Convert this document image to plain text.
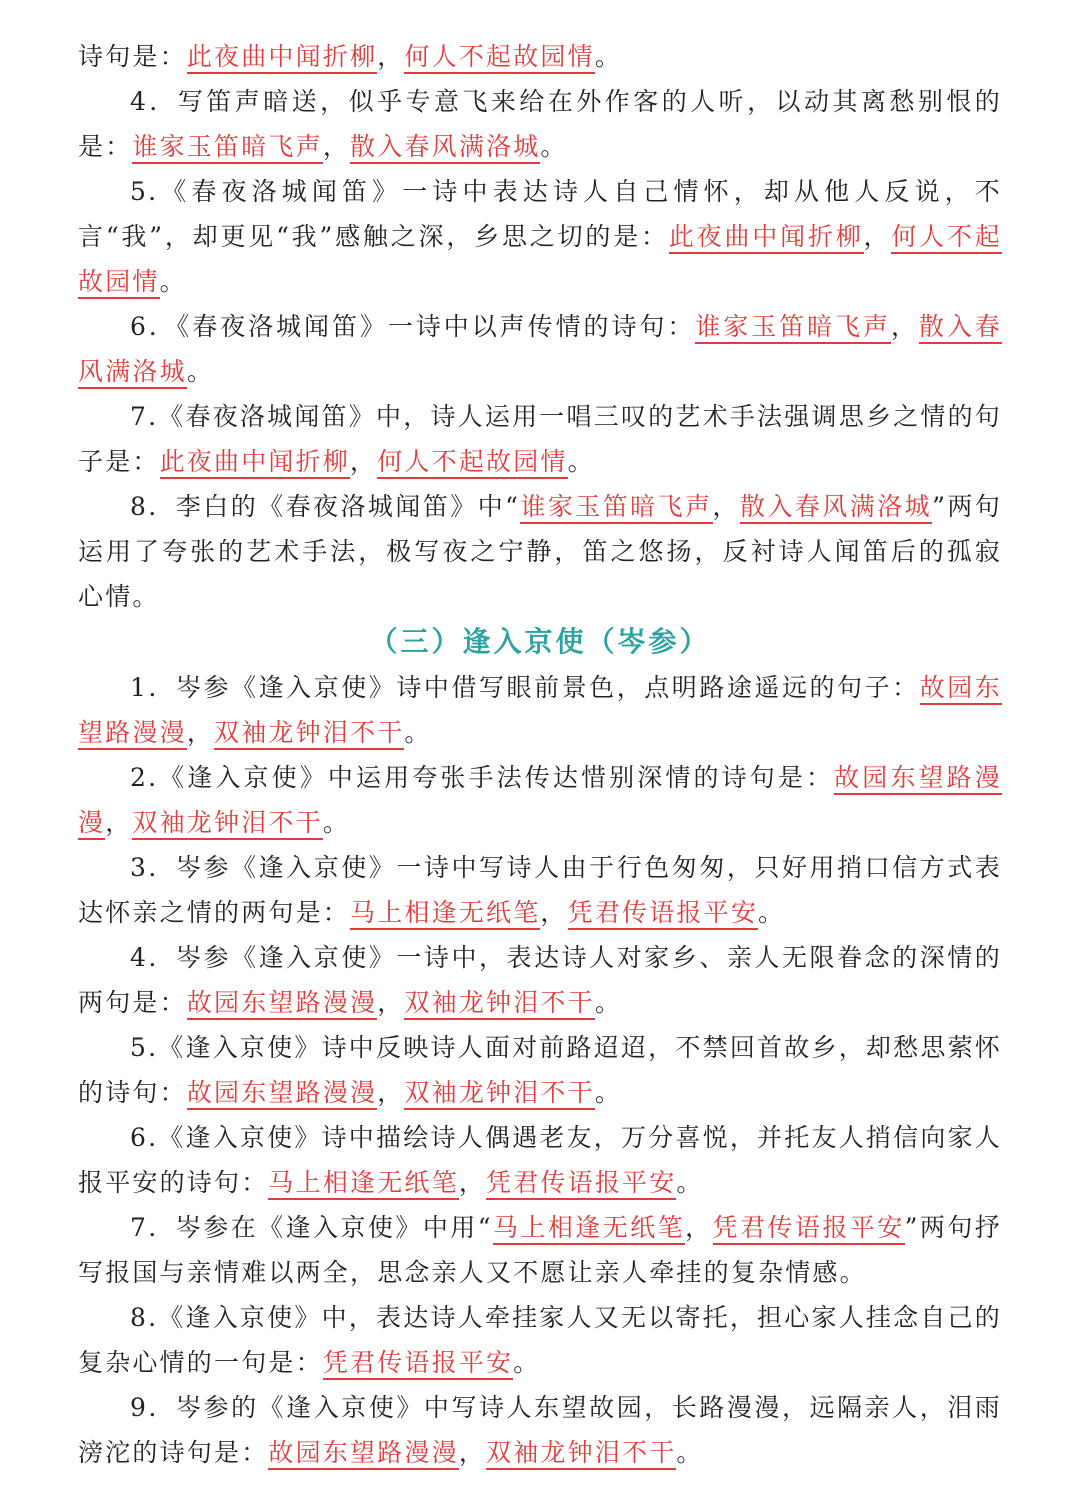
诗句是：此夜曲中闻折柳，何人不起故园情。

4．写笛声暗送，似乎专意飞来给在外作客的人听，以动其离愁别恨的是：谁家玉笛暗飞声，散入春风满洛城。

5.《春夜洛城闻笛》一诗中表达诗人自己情怀，却从他人反说，不言“我”，却更见“我”感触之深，乡思之切的是：此夜曲中闻折柳，何人不起故园情。

6．《春夜洛城闻笛》一诗中以声传情的诗句：谁家玉笛暗飞声，散入春风满洛城。

7.《春夜洛城闻笛》中，诗人运用一唱三叹的艺术手法强调思乡之情的句子是：此夜曲中闻折柳，何人不起故园情。

8．李白的《春夜洛城闻笛》中“谁家玉笛暗飞声，散入春风满洛城”两句运用了夸张的艺术手法，极写夜之宁静，笛之悠扬，反衬诗人闻笛后的孤寂心情。

（三）逢入京使（岑参）

1．岑参《逢入京使》诗中借写眼前景色，点明路途遥远的句子：故园东望路漫漫，双袖龙钟泪不干。

2.《逢入京使》中运用夸张手法传达惜别深情的诗句是：故园东望路漫漫，双袖龙钟泪不干。

3．岑参《逢入京使》一诗中写诗人由于行色匆匆，只好用捎口信方式表达怀亲之情的两句是：马上相逢无纸笔，凭君传语报平安。

4．岑参《逢入京使》一诗中，表达诗人对家乡、亲人无限眷念的深情的两句是：故园东望路漫漫，双袖龙钟泪不干。

5.《逢入京使》诗中反映诗人面对前路迢迢，不禁回首故乡，却愁思萦怀的诗句：故园东望路漫漫，双袖龙钟泪不干。

6.《逢入京使》诗中描绘诗人偶遇老友，万分喜悦，并托友人捎信向家人报平安的诗句：马上相逢无纸笔，凭君传语报平安。

7．岑参在《逢入京使》中用“马上相逢无纸笔，凭君传语报平安”两句抒写报国与亲情难以两全，思念亲人又不愿让亲人牵挂的复杂情感。

8.《逢入京使》中，表达诗人牵挂家人又无以寄托，担心家人挂念自己的复杂心情的一句是：凭君传语报平安。

9．岑参的《逢入京使》中写诗人东望故园，长路漫漫，远隔亲人，泪雨滂沱的诗句是：故园东望路漫漫，双袖龙钟泪不干。
